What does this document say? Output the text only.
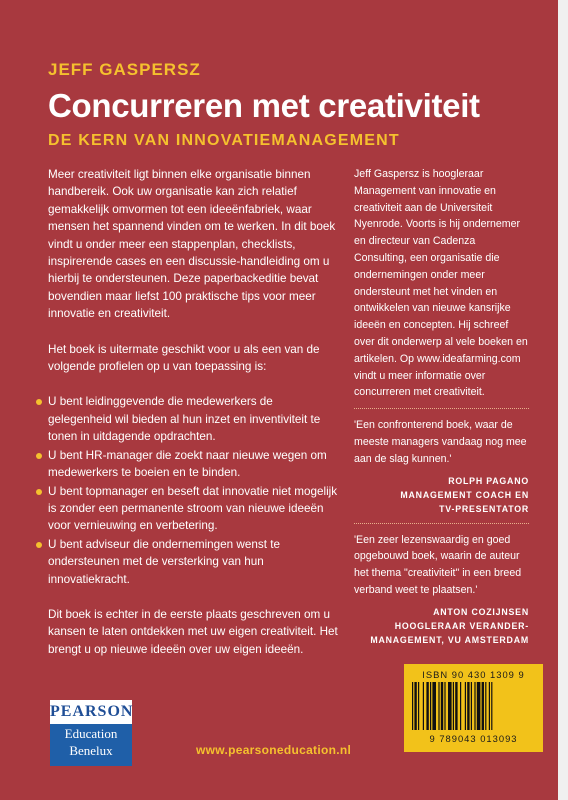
JEFF GASPERSZ
Concurreren met creativiteit
DE KERN VAN INNOVATIEMANAGEMENT

Meer creativiteit ligt binnen elke organisatie binnen handbereik. Ook uw organisatie kan zich relatief gemakkelijk omvormen tot een ideeënfabriek, waar mensen het spannend vinden om te werken. In dit boek vindt u onder meer een stappenplan, checklists, inspirerende cases en een discussie-handleiding om u hierbij te ondersteunen. Deze paperbackeditie bevat bovendien maar liefst 100 praktische tips voor meer innovatie en creativiteit.

Het boek is uitermate geschikt voor u als een van de volgende profielen op u van toepassing is:

U bent leidinggevende die medewerkers de gelegenheid wil bieden al hun inzet en inventiviteit te tonen in uitdagende opdrachten.
U bent HR-manager die zoekt naar nieuwe wegen om medewerkers te boeien en te binden.
U bent topmanager en beseft dat innovatie niet mogelijk is zonder een permanente stroom van nieuwe ideeën voor vernieuwing en verbetering.
U bent adviseur die ondernemingen wenst te ondersteunen met de versterking van hun innovatiekracht.

Dit boek is echter in de eerste plaats geschreven om u kansen te laten ontdekken met uw eigen creativiteit. Het brengt u op nieuwe ideeën over uw eigen ideeën.

Jeff Gaspersz is hoogleraar Management van innovatie en creativiteit aan de Universiteit Nyenrode. Voorts is hij ondernemer en directeur van Cadenza Consulting, een organisatie die ondernemingen onder meer ondersteunt met het vinden en ontwikkelen van nieuwe kansrijke ideeën en concepten. Hij schreef over dit onderwerp al vele boeken en artikelen. Op www.ideafarming.com vindt u meer informatie over concurreren met creativiteit.

'Een confronterend boek, waar de meeste managers vandaag nog mee aan de slag kunnen.'

ROLPH PAGANO
MANAGEMENT COACH EN
TV-PRESENTATOR

'Een zeer lezenswaardig en goed opgebouwd boek, waarin de auteur het thema "creativiteit" in een breed verband weet te plaatsen.'

ANTON COZIJNSEN
HOOGLERAAR VERANDER-
MANAGEMENT, VU AMSTERDAM
ISBN 90 430 1309 9
9 789043 013093
PEARSON
Education
Benelux	www.pearsoneducation.nl
